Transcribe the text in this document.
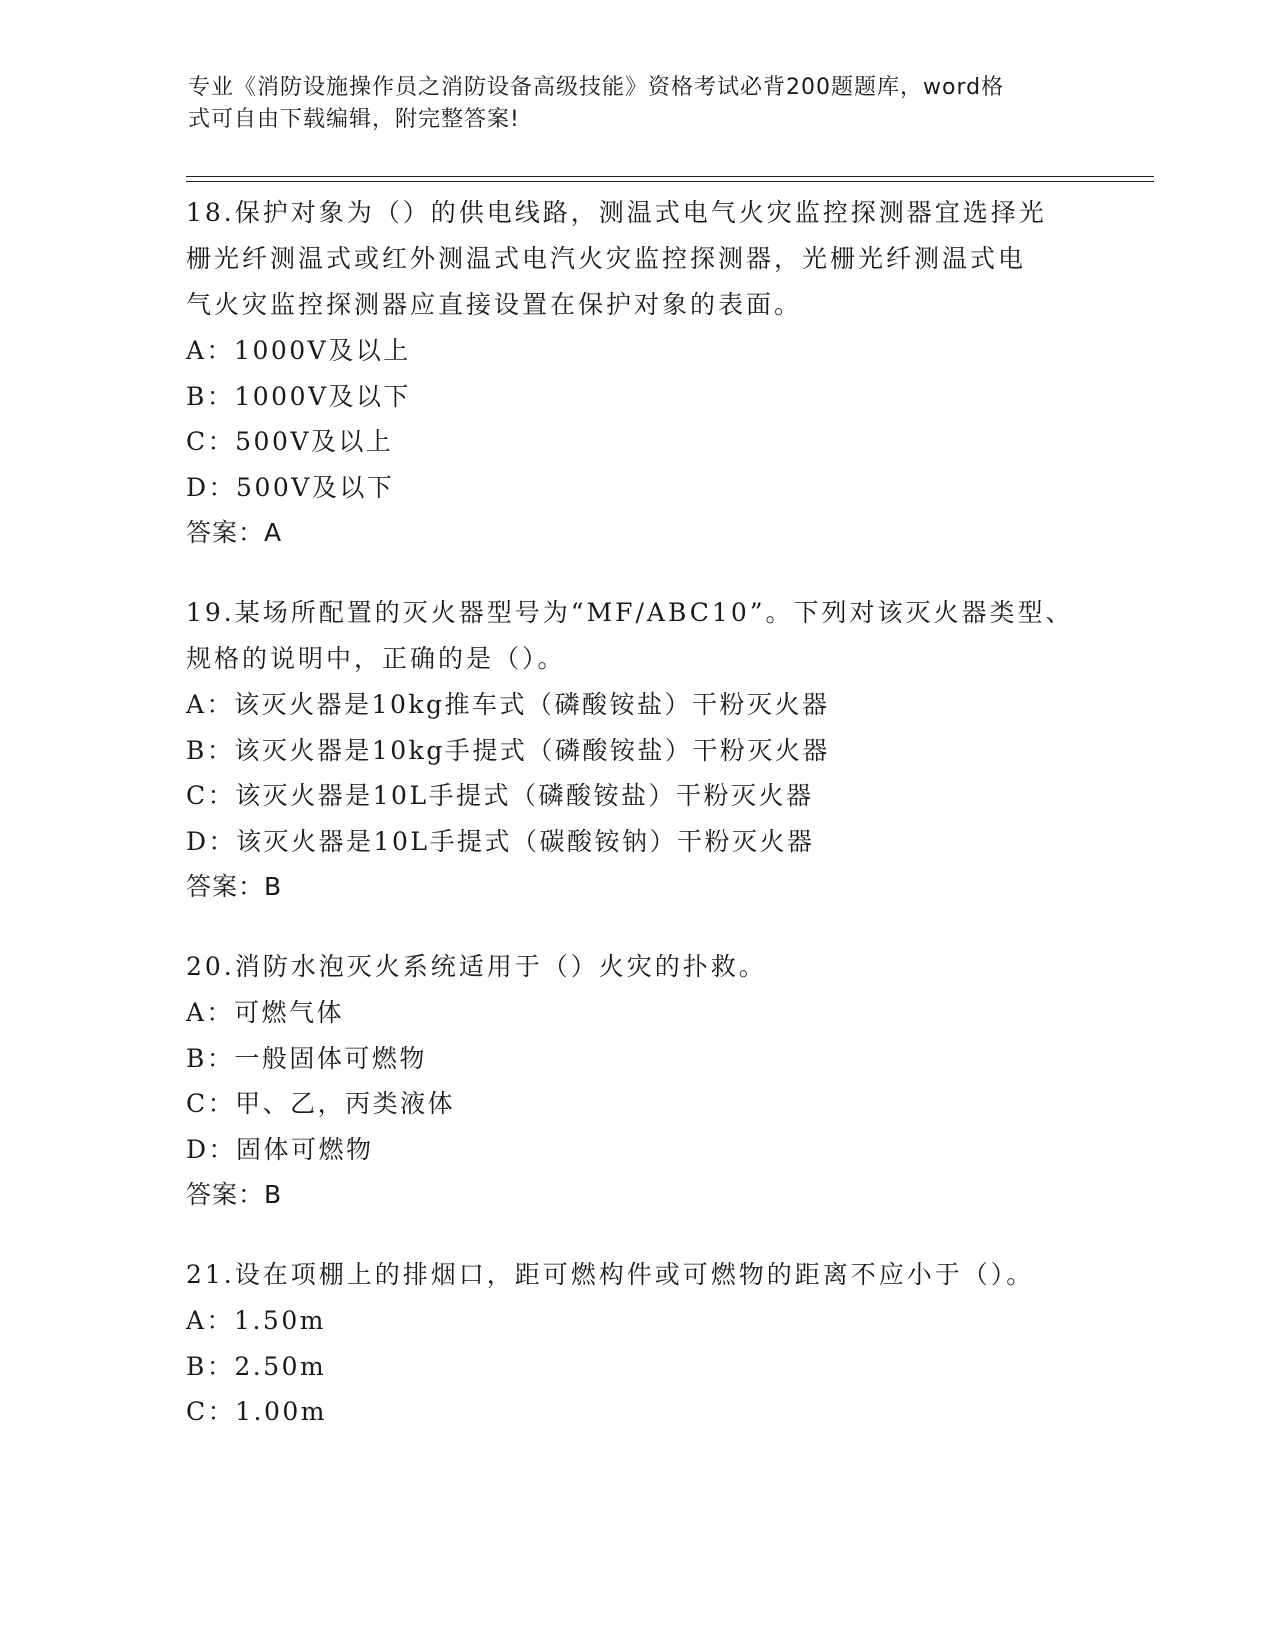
专业《消防设施操作员之消防设备高级技能》资格考试必背200题题库，word格
式可自由下载编辑，附完整答案!

18.保护对象为（）的供电线路，测温式电气火灾监控探测器宜选择光

栅光纤测温式或红外测温式电汽火灾监控探测器，光栅光纤测温式电

气火灾监控探测器应直接设置在保护对象的表面。

A：1000V及以上

B：1000V及以下

C：500V及以上

D：500V及以下

答案：A

19.某场所配置的灭火器型号为“MF/ABC10”。下列对该灭火器类型、

规格的说明中，正确的是（）。

A：该灭火器是10kg推车式（磷酸铵盐）干粉灭火器

B：该灭火器是10kg手提式（磷酸铵盐）干粉灭火器

C：该灭火器是10L手提式（磷酸铵盐）干粉灭火器

D：该灭火器是10L手提式（碳酸铵钠）干粉灭火器

答案：B

20.消防水泡灭火系统适用于（）火灾的扑救。

A：可燃气体

B：一般固体可燃物

C：甲、乙，丙类液体

D：固体可燃物

答案：B

21.设在项棚上的排烟口，距可燃构件或可燃物的距离不应小于（）。

A：1.50m

B：2.50m

C：1.00m
